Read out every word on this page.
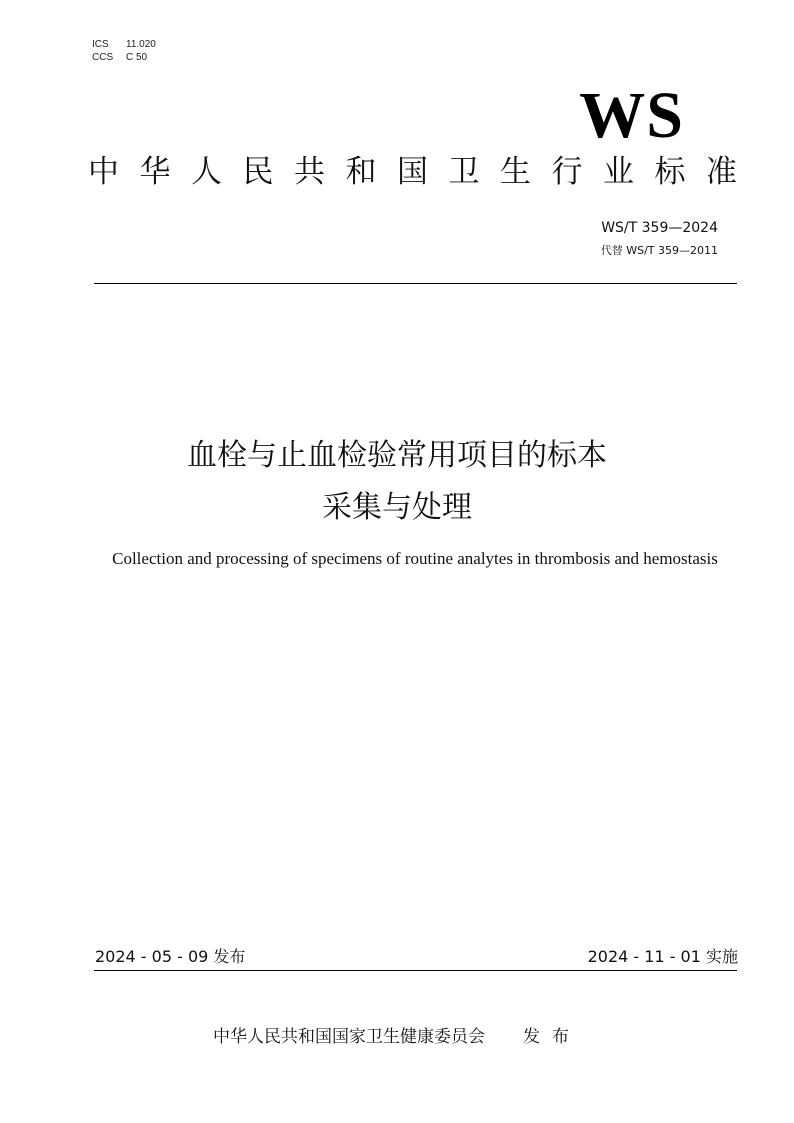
ICS	11.020
CCS	C 50
WS
中华人民共和国卫生行业标准
WS/T 359—2024
代替 WS/T 359—2011
血栓与止血检验常用项目的标本
采集与处理
Collection and processing of specimens of routine analytes in thrombosis and hemostasis
2024 - 05 - 09 发布	2024 - 11 - 01 实施
中华人民共和国国家卫生健康委员会 发布
